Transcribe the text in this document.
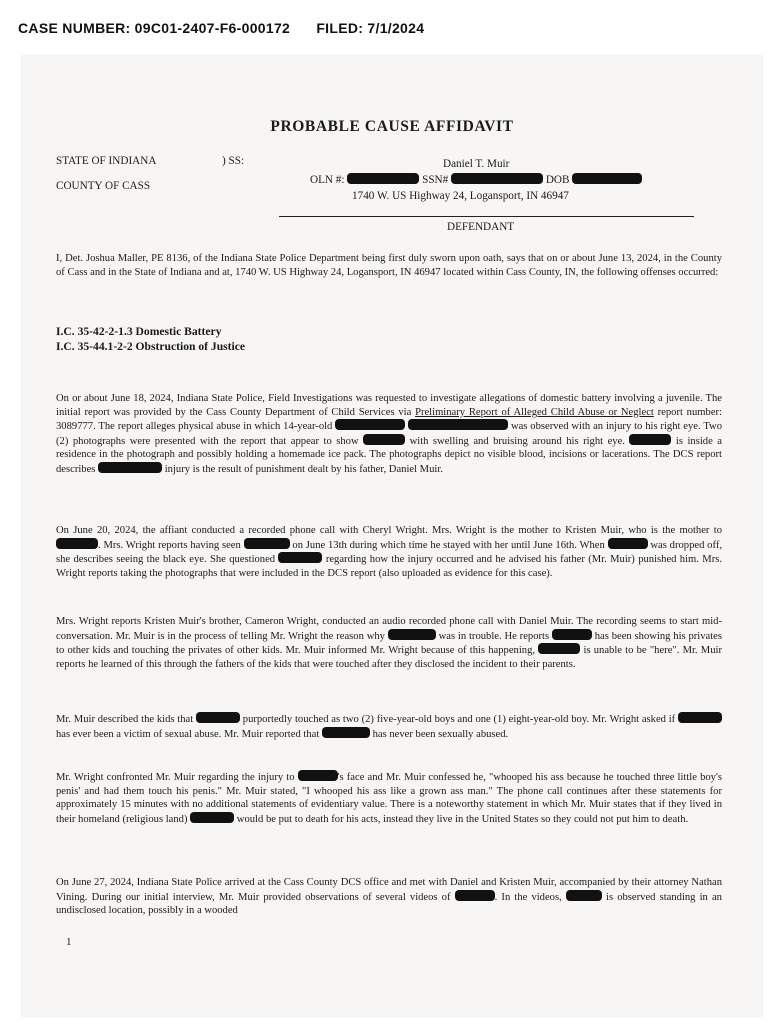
CASE NUMBER: 09C01-2407-F6-000172 FILED: 7/1/2024
PROBABLE CAUSE AFFIDAVIT
STATE OF INDIANA	) SS:
COUNTY OF CASS
Daniel T. Muir
OLN #:	SSN#	DOB
1740 W. US Highway 24, Logansport, IN 46947
DEFENDANT
I, Det. Joshua Maller, PE 8136, of the Indiana State Police Department being first duly sworn upon oath, says that on or about June 13, 2024, in the County of Cass and in the State of Indiana and at, 1740 W. US Highway 24, Logansport, IN 46947 located within Cass County, IN, the following offenses occurred:
I.C. 35-42-2-1.3 Domestic Battery
I.C. 35-44.1-2-2 Obstruction of Justice
On or about June 18, 2024, Indiana State Police, Field Investigations was requested to investigate allegations of domestic battery involving a juvenile. The initial report was provided by the Cass County Department of Child Services via Preliminary Report of Alleged Child Abuse or Neglect report number: 3089777. The report alleges physical abuse in which 14-year-old	was observed with an injury to his right eye. Two (2) photographs were presented with the report that appear to show	with swelling and bruising around his right eye.	is inside a residence in the photograph and possibly holding a homemade ice pack. The photographs depict no visible blood, incisions or lacerations. The DCS report describes	injury is the result of punishment dealt by his father, Daniel Muir.
On June 20, 2024, the affiant conducted a recorded phone call with Cheryl Wright. Mrs. Wright is the mother to Kristen Muir, who is the mother to . Mrs. Wright reports having seen	on June 13th during which time he stayed with her until June 16th. When	was dropped off, she describes seeing the black eye. She questioned	regarding how the injury occurred and he advised his father (Mr. Muir) punished him. Mrs. Wright reports taking the photographs that were included in the DCS report (also uploaded as evidence for this case).
Mrs. Wright reports Kristen Muir's brother, Cameron Wright, conducted an audio recorded phone call with Daniel Muir. The recording seems to start mid-conversation. Mr. Muir is in the process of telling Mr. Wright the reason why	was in trouble. He reports	has been showing his privates to other kids and touching the privates of other kids. Mr. Muir informed Mr. Wright because of this happening,	is unable to be "here". Mr. Muir reports he learned of this through the fathers of the kids that were touched after they disclosed the incident to their parents.
Mr. Muir described the kids that	purportedly touched as two (2) five-year-old boys and one (1) eight-year-old boy. Mr. Wright asked if  has ever been a victim of sexual abuse. Mr. Muir reported that	has never been sexually abused.
Mr. Wright confronted Mr. Muir regarding the injury to	's face and Mr. Muir confessed he, "whooped his ass because he touched three little boy's penis' and had them touch his penis." Mr. Muir stated, "I whooped his ass like a grown ass man." The phone call continues after these statements for approximately 15 minutes with no additional statements of evidentiary value. There is a noteworthy statement in which Mr. Muir states that if they lived in their homeland (religious land)	would be put to death for his acts, instead they live in the United States so they could not put him to death.
On June 27, 2024, Indiana State Police arrived at the Cass County DCS office and met with Daniel and Kristen Muir, accompanied by their attorney Nathan Vining. During our initial interview, Mr. Muir provided observations of several videos of	. In the videos,	is observed standing in an undisclosed location, possibly in a wooded
1
